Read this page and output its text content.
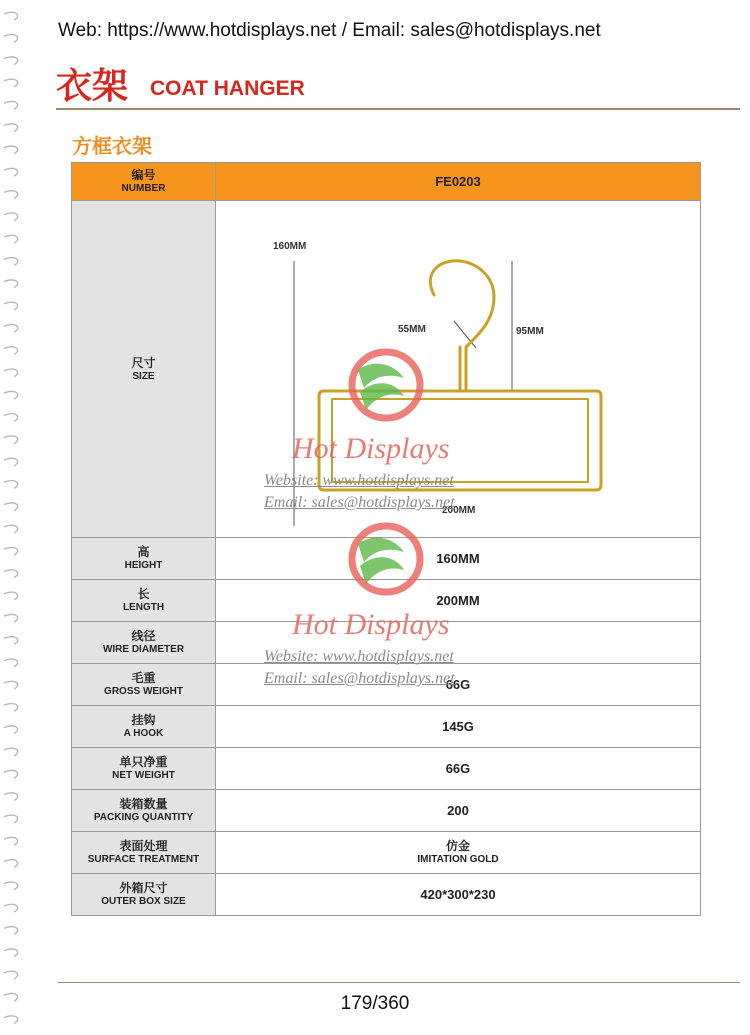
Web: https://www.hotdisplays.net / Email: sales@hotdisplays.net
衣架 COAT HANGER
方框衣架
编号
NUMBER	FE0203

尺寸
SIZE	160MM
55MM 95MM
200MM

高
HEIGHT	160MM

长
LENGTH	200MM

线径
WIRE DIAMETER	

毛重
GROSS WEIGHT	66G

挂钩
A HOOK	145G

单只净重
NET WEIGHT	66G

装箱数量
PACKING QUANTITY	200

表面处理
SURFACE TREATMENT	仿金
IMITATION GOLD

外箱尺寸
OUTER BOX SIZE	420*300*230
Hot Displays
Website: www.hotdisplays.net
Email: sales@hotdisplays.net
Hot Displays
Website: www.hotdisplays.net
Email: sales@hotdisplays.net
179/360
